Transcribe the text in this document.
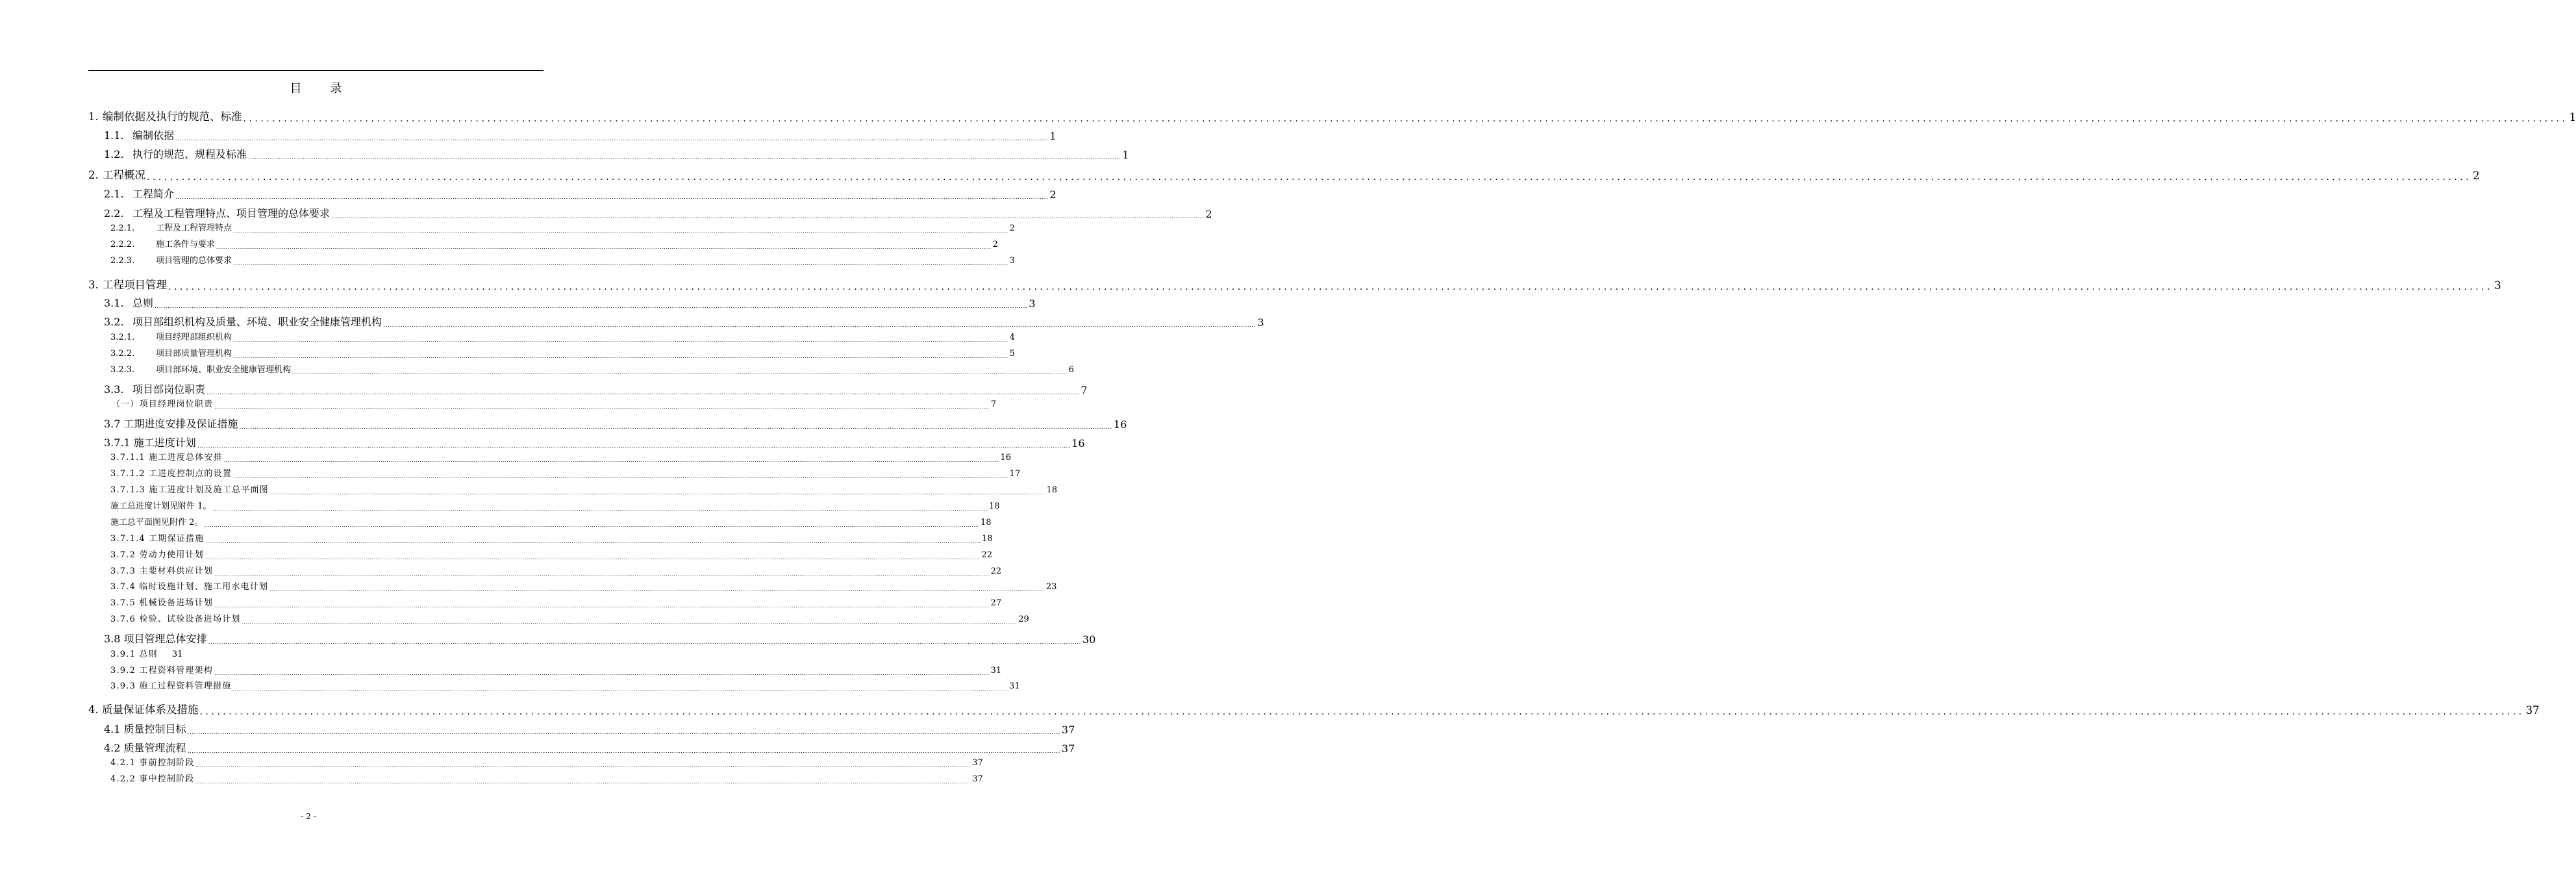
目 录
1. 编制依据及执行的规范、标准 ................................................................................................................................................................................................................................................................................................................................................................................................................ 1
1.1. 编制依据 ................................................................................................................................................................................................................................................................................................................................................................................................................ 1
1.2. 执行的规范、规程及标准 ................................................................................................................................................................................................................................................................................................................................................................................................................ 1
2. 工程概况 ................................................................................................................................................................................................................................................................................................................................................................................................................ 2
2.1. 工程简介 ................................................................................................................................................................................................................................................................................................................................................................................................................ 2
2.2. 工程及工程管理特点、项目管理的总体要求 ................................................................................................................................................................................................................................................................................................................................................................................................................ 2
2.2.1.	工程及工程管理特点 ................................................................................................................................................................................................................................................................................................................................................................................................................ 2
2.2.2.	施工条件与要求 ................................................................................................................................................................................................................................................................................................................................................................................................................ 2
2.2.3.	项目管理的总体要求 ................................................................................................................................................................................................................................................................................................................................................................................................................ 3
3. 工程项目管理 ................................................................................................................................................................................................................................................................................................................................................................................................................ 3
3.1. 总则 ................................................................................................................................................................................................................................................................................................................................................................................................................ 3
3.2. 项目部组织机构及质量、环境、职业安全健康管理机构 ................................................................................................................................................................................................................................................................................................................................................................................................................ 3
3.2.1.	项目经理部组织机构 ................................................................................................................................................................................................................................................................................................................................................................................................................ 4
3.2.2.	项目部质量管理机构 ................................................................................................................................................................................................................................................................................................................................................................................................................ 5
3.2.3.	项目部环境、职业安全健康管理机构 ................................................................................................................................................................................................................................................................................................................................................................................................................ 6
3.3. 项目部岗位职责 ................................................................................................................................................................................................................................................................................................................................................................................................................ 7
（一）项目经理岗位职责 ................................................................................................................................................................................................................................................................................................................................................................................................................ 7
3.7 工期进度安排及保证措施 ................................................................................................................................................................................................................................................................................................................................................................................................................ 16
3.7.1 施工进度计划 ................................................................................................................................................................................................................................................................................................................................................................................................................ 16
3.7.1.1 施工进度总体安排 ................................................................................................................................................................................................................................................................................................................................................................................................................ 16
3.7.1.2 工进度控制点的设置 ................................................................................................................................................................................................................................................................................................................................................................................................................ 17
3.7.1.3 施工进度计划及施工总平面图 ................................................................................................................................................................................................................................................................................................................................................................................................................ 18
施工总进度计划见附件 1。 ................................................................................................................................................................................................................................................................................................................................................................................................................ 18
施工总平面图见附件 2。 ................................................................................................................................................................................................................................................................................................................................................................................................................ 18
3.7.1.4 工期保证措施 ................................................................................................................................................................................................................................................................................................................................................................................................................ 18
3.7.2 劳动力使用计划 ................................................................................................................................................................................................................................................................................................................................................................................................................ 22
3.7.3 主要材料供应计划 ................................................................................................................................................................................................................................................................................................................................................................................................................ 22
3.7.4 临时设施计划、施工用水电计划 ................................................................................................................................................................................................................................................................................................................................................................................................................ 23
3.7.5 机械设备进场计划 ................................................................................................................................................................................................................................................................................................................................................................................................................ 27
3.7.6 检验、试验设备进场计划 ................................................................................................................................................................................................................................................................................................................................................................................................................ 29
3.8 项目管理总体安排 ................................................................................................................................................................................................................................................................................................................................................................................................................ 30
3.9.1 总则 31
3.9.2 工程资料管理架构 ................................................................................................................................................................................................................................................................................................................................................................................................................ 31
3.9.3 施工过程资料管理措施 ................................................................................................................................................................................................................................................................................................................................................................................................................ 31
4. 质量保证体系及措施 ................................................................................................................................................................................................................................................................................................................................................................................................................ 37
4.1 质量控制目标 ................................................................................................................................................................................................................................................................................................................................................................................................................ 37
4.2 质量管理流程 ................................................................................................................................................................................................................................................................................................................................................................................................................ 37
4.2.1 事前控制阶段 ................................................................................................................................................................................................................................................................................................................................................................................................................ 37
4.2.2 事中控制阶段 ................................................................................................................................................................................................................................................................................................................................................................................................................ 37
- 2 -
